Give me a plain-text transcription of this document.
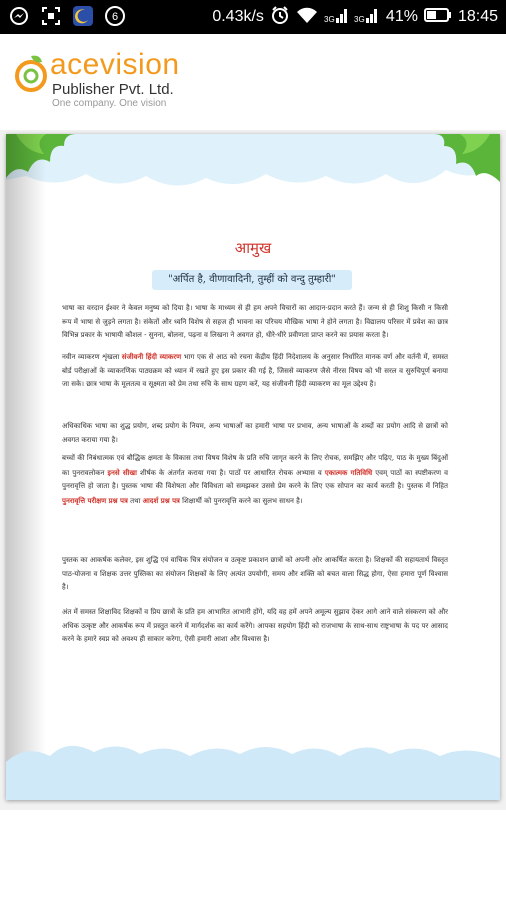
6	0.43k/s	3G 3G 41%	18:45
acevision
Publisher Pvt. Ltd.
One company. One vision
आमुख
"अर्पित है, वीणावादिनी, तुम्हीं को वन्दु तुम्हारी"
भाषा का वरदान ईश्वर ने केवल मनुष्य को दिया है। भाषा के माध्यम से ही हम अपने विचारों का आदान-प्रदान करते हैं। जन्म से ही शिशु किसी न किसी रूप में भाषा से जुड़ने लगता है। संकेतों और ध्वनि विशेष से सहज ही भावना का परिचय मौखिक भाषा ने होने लगता है। विद्यालय परिसर में प्रवेश का छात्र विभिन्न प्रकार के भाषायी कौशल - सुनना, बोलना, पढ़ना व लिखना ने अवगत हो, धीरे-धीरे प्रवीणता प्राप्त करने का प्रयास करता है।
नवीन व्याकरण शृंखला संजीवनी हिंदी व्याकरण भाग एक से आठ को रचना केंद्रीय हिंदी निदेशालय के अनुसार निर्धारित मानक वर्ण और वर्तनी में, समस्त बोर्ड परीक्षाओं के व्याकरणिक पाठ्यक्रम को ध्यान में रखते हुए इस प्रकार की गई है, जिससे व्याकरण जैसे नीरस विषय को भी सरल व सुरुचिपूर्ण बनाया जा सके। छात्र भाषा के मूलतत्व व सूक्ष्मता को प्रेम तथा रुचि के साथ ग्रहण करें, यह संजीवनी हिंदी व्याकरण का मूल उद्देश्य है।
अधिकाधिक भाषा का शुद्ध प्रयोग, शब्द प्रयोग के नियम, अन्य भाषाओं का हमारी भाषा पर प्रभाव, अन्य भाषाओं के शब्दों का प्रयोग आदि से छात्रों को अवगत कराया गया है।
बच्चों की निबंधात्मक एवं बौद्धिक क्षमता के विकास तथा विषय विशेष के प्रति रुचि जागृत करने के लिए रोचक, समझिए और पढ़िए, पाठ के मुख्य बिंदुओं का पुनरावलोकन इनसे सीखा शीर्षक के अंतर्गत कराया गया है। पाठों पर आधारित रोचक अभ्यास व एकात्मक गतिविधि एवम् पाठों का स्पष्टीकरण व पुनरावृत्ति हो जाता है। पुस्तक भाषा की विशेषता और विविधता को समझकर उससे प्रेम करने के लिए एक सोपान का कार्य करती है। पुस्तक में निहित पुनरावृत्ति परीक्षण प्रश्न पत्र तथा आदर्श प्रश्न पत्र शिक्षार्थी को पुनरावृत्ति करने का सुलभ साधन है।
पुस्तक का आकर्षक कलेवर, इस शुद्धि एवं वाचिक चित्र संयोजन व उत्कृष्ट प्रकाशन छात्रों को अपनी ओर आकर्षित करता है। शिक्षकों की सहायतार्थ विस्तृत पाठ-योजना व शिक्षक उत्तर पुस्तिका का संयोजन शिक्षकों के लिए अत्यंत उपयोगी, समय और शक्ति को बचत वाला सिद्ध होगा, ऐसा हमारा पूर्ण विश्वास है।
अंत में समस्त शिक्षाविद शिक्षकों व प्रिय छात्रों के प्रति हम आभारित आभारी होंगे, यदि वह हमें अपने अमूल्य सुझाव देकर आगे आने वाले संस्करण को और अधिक उत्कृष्ट और आकर्षक रूप में प्रस्तुत करने में मार्गदर्शक का कार्य करेंगे। आपका सहयोग हिंदी को राजभाषा के साथ-साथ राष्ट्रभाषा के पद पर आसाद करने के हमारे स्वप्न को अवश्य ही साकार करेगा, ऐसी हमारी आशा और विश्वास है।
